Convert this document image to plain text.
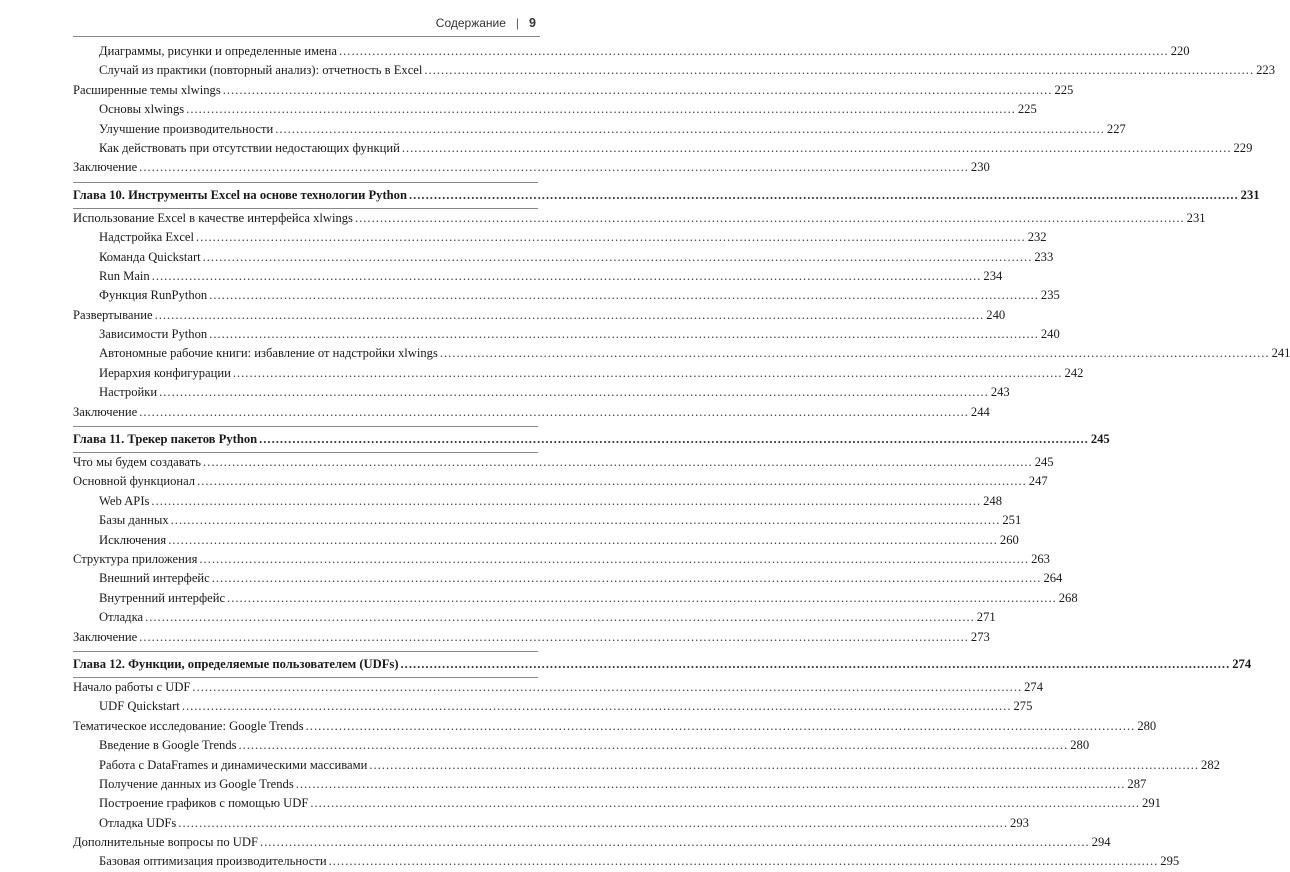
Содержание | 9
Диаграммы, рисунки и определенные имена .....	220
Случай из практики (повторный анализ): отчетность в Excel .....	223
Расширенные темы xlwings .....	225
Основы xlwings .....	225
Улучшение производительности .....	227
Как действовать при отсутствии недостающих функций .....	229
Заключение .....	230
Глава 10. Инструменты Excel на основе технологии Python .....	231
Использование Excel в качестве интерфейса xlwings .....	231
Надстройка Excel .....	232
Команда Quickstart .....	233
Run Main .....	234
Функция RunPython .....	235
Развертывание .....	240
Зависимости Python .....	240
Автономные рабочие книги: избавление от надстройки xlwings .....	241
Иерархия конфигурации .....	242
Настройки .....	243
Заключение .....	244
Глава 11. Трекер пакетов Python .....	245
Что мы будем создавать .....	245
Основной функционал .....	247
Web APIs .....	248
Базы данных .....	251
Исключения .....	260
Структура приложения .....	263
Внешний интерфейс .....	264
Внутренний интерфейс .....	268
Отладка .....	271
Заключение .....	273
Глава 12. Функции, определяемые пользователем (UDFs) .....	274
Начало работы с UDF .....	274
UDF Quickstart .....	275
Тематическое исследование: Google Trends .....	280
Введение в Google Trends .....	280
Работа с DataFrames и динамическими массивами .....	282
Получение данных из Google Trends .....	287
Построение графиков с помощью UDF .....	291
Отладка UDFs .....	293
Дополнительные вопросы по UDF .....	294
Базовая оптимизация производительности .....	295
